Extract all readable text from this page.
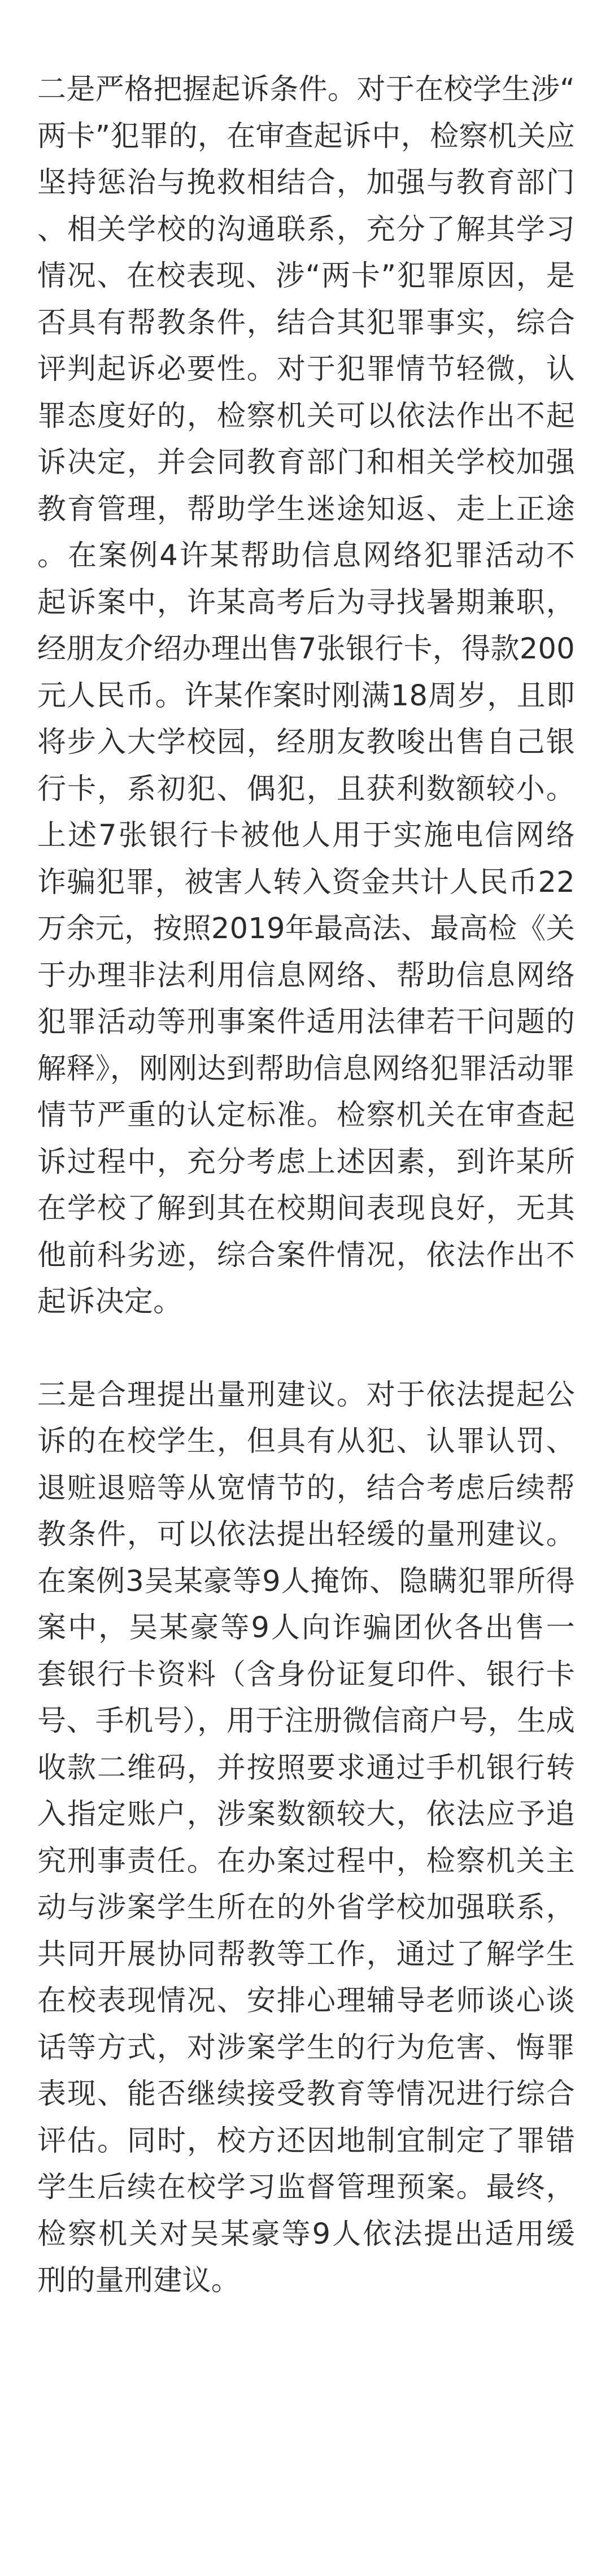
二是严格把握起诉条件。对于在校学生涉“两卡”犯罪的，在审查起诉中，检察机关应坚持惩治与挽救相结合，加强与教育部门、相关学校的沟通联系，充分了解其学习情况、在校表现、涉“两卡”犯罪原因，是否具有帮教条件，结合其犯罪事实，综合评判起诉必要性。对于犯罪情节轻微，认罪态度好的，检察机关可以依法作出不起诉决定，并会同教育部门和相关学校加强教育管理，帮助学生迷途知返、走上正途。在案例4许某帮助信息网络犯罪活动不起诉案中，许某高考后为寻找暑期兼职，经朋友介绍办理出售7张银行卡，得款200元人民币。许某作案时刚满18周岁，且即将步入大学校园，经朋友教唆出售自己银行卡，系初犯、偶犯，且获利数额较小。上述7张银行卡被他人用于实施电信网络诈骗犯罪，被害人转入资金共计人民币22万余元，按照2019年最高法、最高检《关于办理非法利用信息网络、帮助信息网络犯罪活动等刑事案件适用法律若干问题的解释》，刚刚达到帮助信息网络犯罪活动罪情节严重的认定标准。检察机关在审查起诉过程中，充分考虑上述因素，到许某所在学校了解到其在校期间表现良好，无其他前科劣迹，综合案件情况，依法作出不起诉决定。

三是合理提出量刑建议。对于依法提起公诉的在校学生，但具有从犯、认罪认罚、退赃退赔等从宽情节的，结合考虑后续帮教条件，可以依法提出轻缓的量刑建议。在案例3吴某豪等9人掩饰、隐瞒犯罪所得案中，吴某豪等9人向诈骗团伙各出售一套银行卡资料（含身份证复印件、银行卡号、手机号），用于注册微信商户号，生成收款二维码，并按照要求通过手机银行转入指定账户，涉案数额较大，依法应予追究刑事责任。在办案过程中，检察机关主动与涉案学生所在的外省学校加强联系，共同开展协同帮教等工作，通过了解学生在校表现情况、安排心理辅导老师谈心谈话等方式，对涉案学生的行为危害、悔罪表现、能否继续接受教育等情况进行综合评估。同时，校方还因地制宜制定了罪错学生后续在校学习监督管理预案。最终，检察机关对吴某豪等9人依法提出适用缓刑的量刑建议。
